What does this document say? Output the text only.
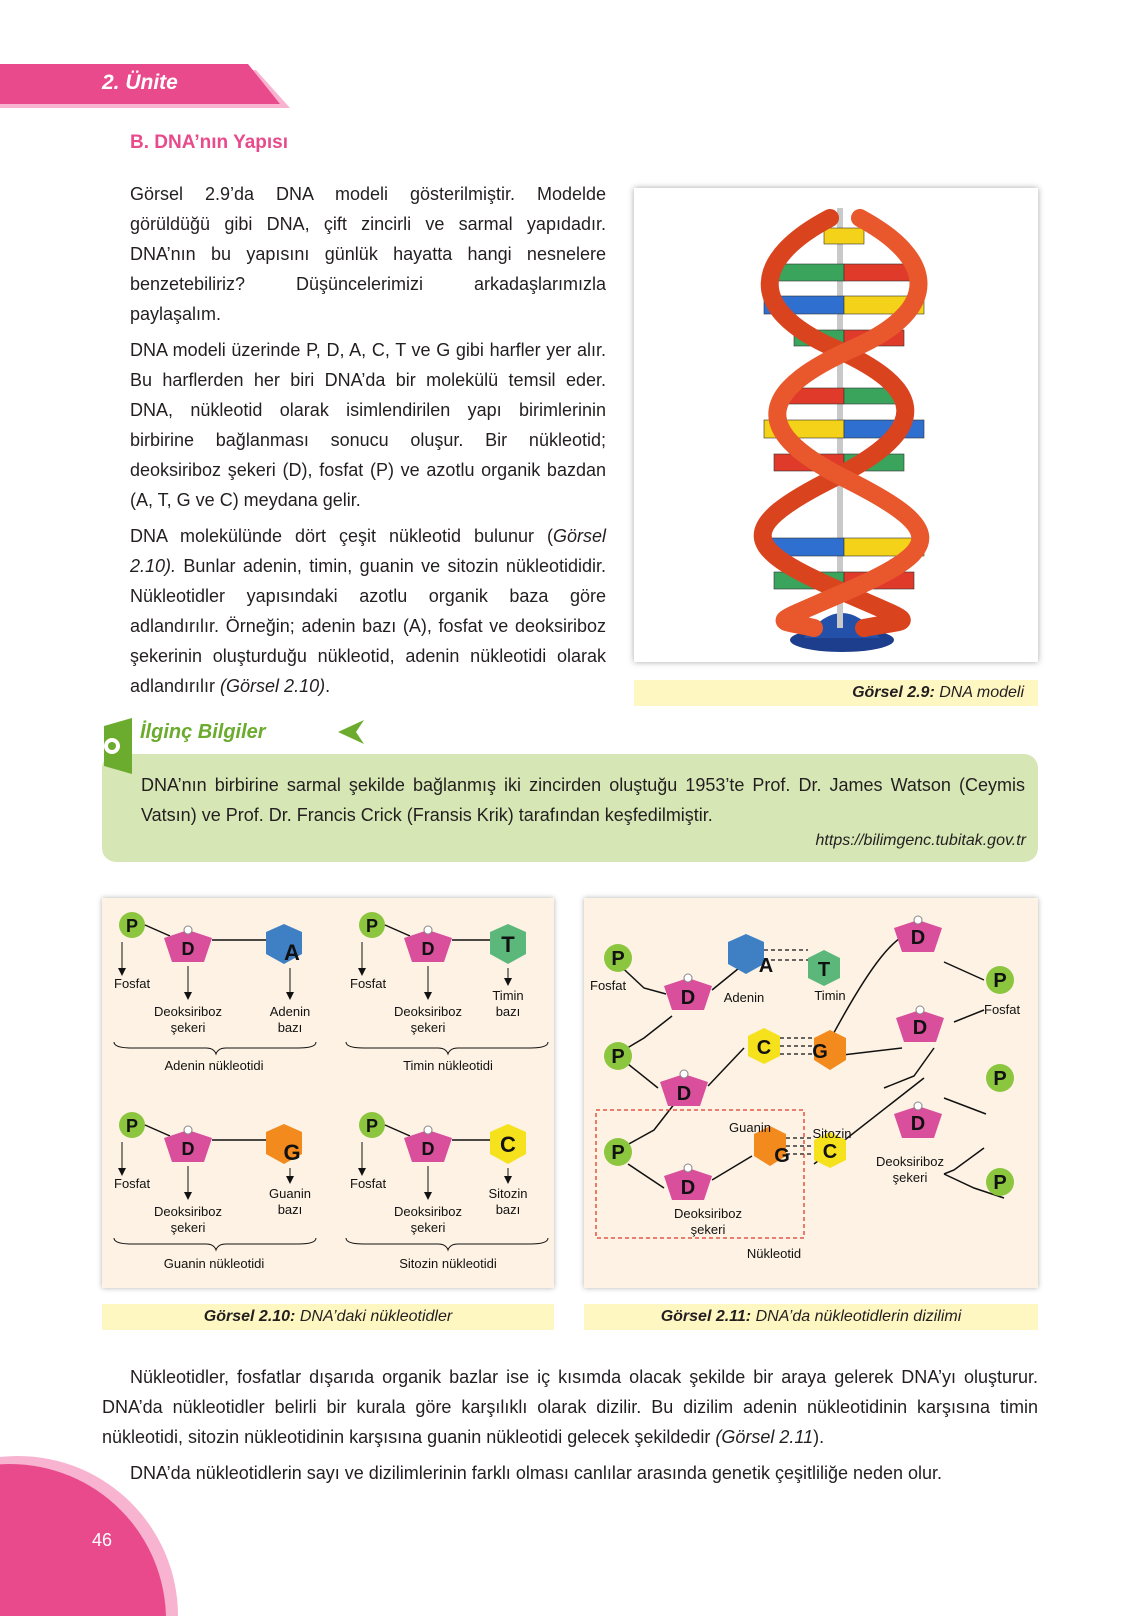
2. Ünite
B. DNA’nın Yapısı

Görsel 2.9’da DNA modeli gösterilmiştir. Modelde görüldüğü gibi DNA, çift zincirli ve sarmal yapıdadır. DNA’nın bu yapısını günlük hayatta hangi nesnelere benzetebiliriz? Düşüncelerimizi arkadaşlarımızla paylaşalım.

DNA modeli üzerinde P, D, A, C, T ve G gibi harfler yer alır. Bu harflerden her biri DNA’da bir molekülü temsil eder. DNA, nükleotid olarak isimlendirilen yapı birimlerinin birbirine bağlanması sonucu oluşur. Bir nükleotid; deoksiriboz şekeri (D), fosfat (P) ve azotlu organik bazdan (A, T, G ve C) meydana gelir.

DNA molekülünde dört çeşit nükleotid bulunur (Görsel 2.10). Bunlar adenin, timin, guanin ve sitozin nükleotididir. Nükleotidler yapısındaki azotlu organik baza göre adlandırılır. Örneğin; adenin bazı (A), fosfat ve deoksiriboz şekerinin oluşturduğu nükleotid, adenin nükleotidi olarak adlandırılır (Görsel 2.10).	Görsel 2.9: DNA modeli
İlginç Bilgiler
DNA’nın birbirine sarmal şekilde bağlanmış iki zincirden oluştuğu 1953’te Prof. Dr. James Watson (Ceymis Vatsın) ve Prof. Dr. Francis Crick (Fransis Krik) tarafından keşfedilmiştir.
https://bilimgenc.tubitak.gov.tr
P
D	A
Fosfat
Deoksiriboz
şekeri
Adenin
bazı
Adenin nükleotidi
P
D	T
Fosfat
Deoksiriboz
şekeri
Timin
bazı
Timin nükleotidi
P
D	G
Fosfat
Deoksiriboz
şekeri
Guanin
bazı
Guanin nükleotidi
P
D	C
Fosfat
Deoksiriboz
şekeri
Sitozin
bazı
Sitozin nükleotidi
Görsel 2.10: DNA’daki nükleotidler
P
P
P
P
P
P
D
D
D
D
D
D
A T
C G
G C
Fosfat
Fosfat
Adenin	Timin
Guanin	Sitozin
Deoksiriboz
şekeri
Deoksiriboz
şekeri
Nükleotid
Görsel 2.11: DNA’da nükleotidlerin dizilimi

Nükleotidler, fosfatlar dışarıda organik bazlar ise iç kısımda olacak şekilde bir araya gelerek DNA’yı oluşturur. DNA’da nükleotidler belirli bir kurala göre karşılıklı olarak dizilir. Bu dizilim adenin nükleotidinin karşısına timin nükleotidi, sitozin nükleotidinin karşısına guanin nükleotidi gelecek şekildedir (Görsel 2.11).

DNA’da nükleotidlerin sayı ve dizilimlerinin farklı olması canlılar arasında genetik çeşitliliğe neden olur.

46
